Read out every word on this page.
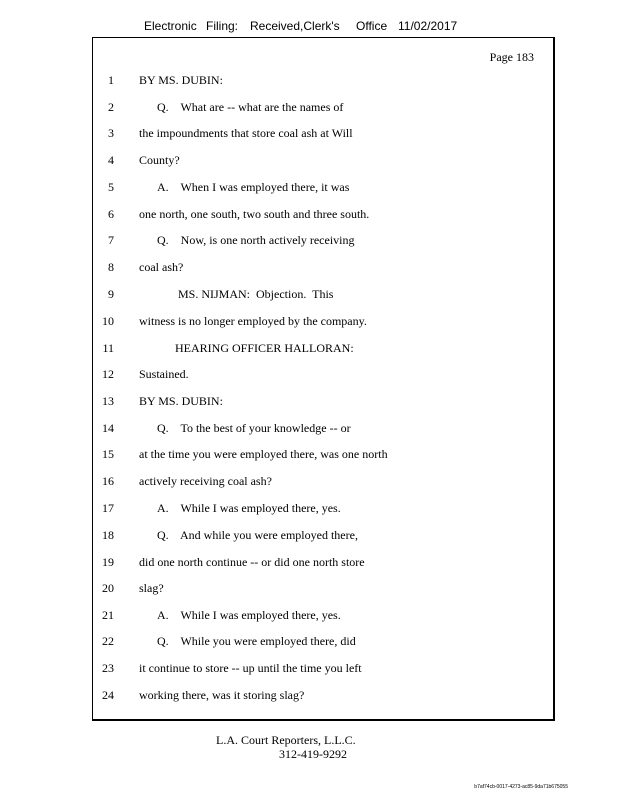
Electronic Filing: Received,Clerk's Office 11/02/2017
Page 183
1 BY MS. DUBIN:
2	Q.    What are -- what are the names of
3 the impoundments that store coal ash at Will
4 County?
5	A.    When I was employed there, it was
6 one north, one south, two south and three south.
7	Q.    Now, is one north actively receiving
8 coal ash?
9	MS. NIJMAN:  Objection.  This
10 witness is no longer employed by the company.
11	HEARING OFFICER HALLORAN:
12 Sustained.
13 BY MS. DUBIN:
14	Q.    To the best of your knowledge -- or
15 at the time you were employed there, was one north
16 actively receiving coal ash?
17	A.    While I was employed there, yes.
18	Q.    And while you were employed there,
19 did one north continue -- or did one north store
20 slag?
21	A.    While I was employed there, yes.
22	Q.    While you were employed there, did
23 it continue to store -- up until the time you left
24 working there, was it storing slag?
L.A. Court Reporters, L.L.C.
312-419-9292
b7af74cb-0017-4273-ac85-9da71b675055
